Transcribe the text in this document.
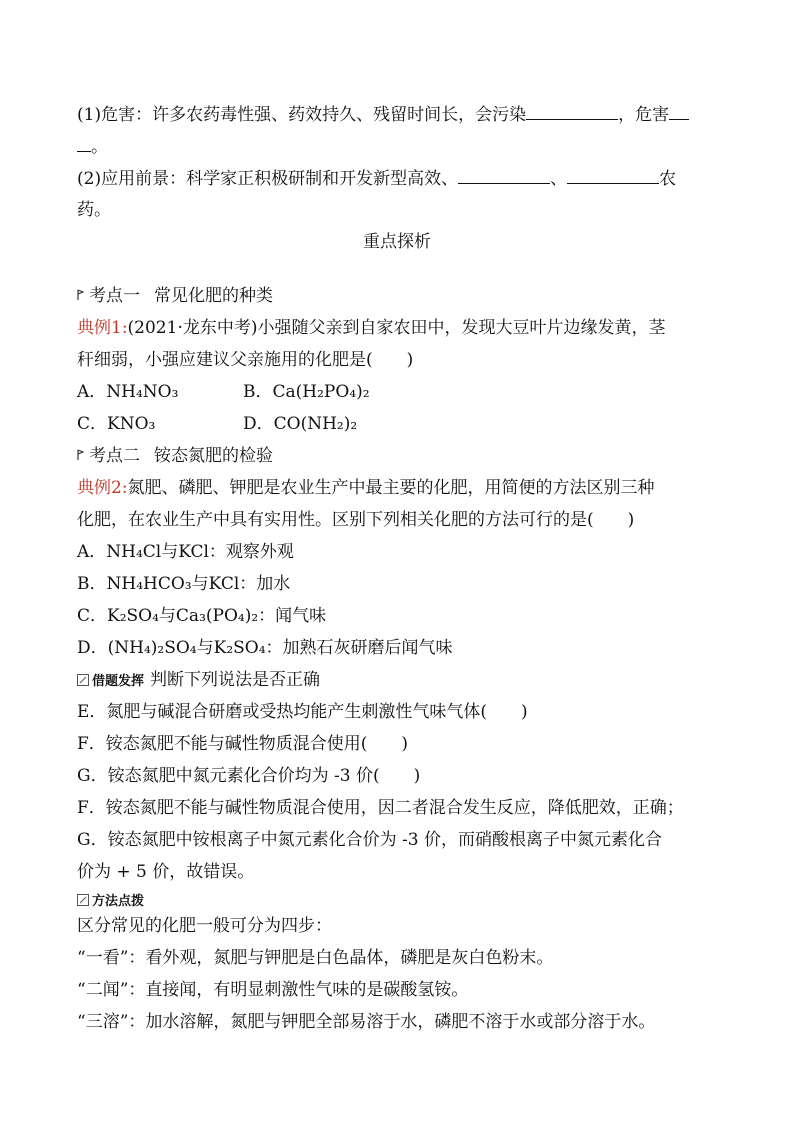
(1)危害：许多农药毒性强、药效持久、残留时间长，会污染	，危害
。
(2)应用前景：科学家正积极研制和开发新型高效、	、	农
药。
重点探析
考点一 常见化肥的种类
典例1:(2021·龙东中考)小强随父亲到自家农田中，发现大豆叶片边缘发黄，茎
秆细弱，小强应建议父亲施用的化肥是(　　)
A．NH₄NO₃	B．Ca(H₂PO₄)₂
C．KNO₃	D．CO(NH₂)₂
考点二 铵态氮肥的检验
典例2:氮肥、磷肥、钾肥是农业生产中最主要的化肥，用简便的方法区别三种
化肥，在农业生产中具有实用性。区别下列相关化肥的方法可行的是(　　)
A．NH₄Cl与KCl：观察外观
B．NH₄HCO₃与KCl：加水
C．K₂SO₄与Ca₃(PO₄)₂：闻气味
D．(NH₄)₂SO₄与K₂SO₄：加熟石灰研磨后闻气味
借题发挥 判断下列说法是否正确
E．氮肥与碱混合研磨或受热均能产生刺激性气味气体(　　)
F．铵态氮肥不能与碱性物质混合使用(　　)
G．铵态氮肥中氮元素化合价均为 -3 价(　　)
F．铵态氮肥不能与碱性物质混合使用，因二者混合发生反应，降低肥效，正确；
G．铵态氮肥中铵根离子中氮元素化合价为 -3 价，而硝酸根离子中氮元素化合
价为 + 5 价，故错误。
方法点拨
区分常见的化肥一般可分为四步：
“一看”：看外观，氮肥与钾肥是白色晶体，磷肥是灰白色粉末。
“二闻”：直接闻，有明显刺激性气味的是碳酸氢铵。
“三溶”：加水溶解，氮肥与钾肥全部易溶于水，磷肥不溶于水或部分溶于水。
